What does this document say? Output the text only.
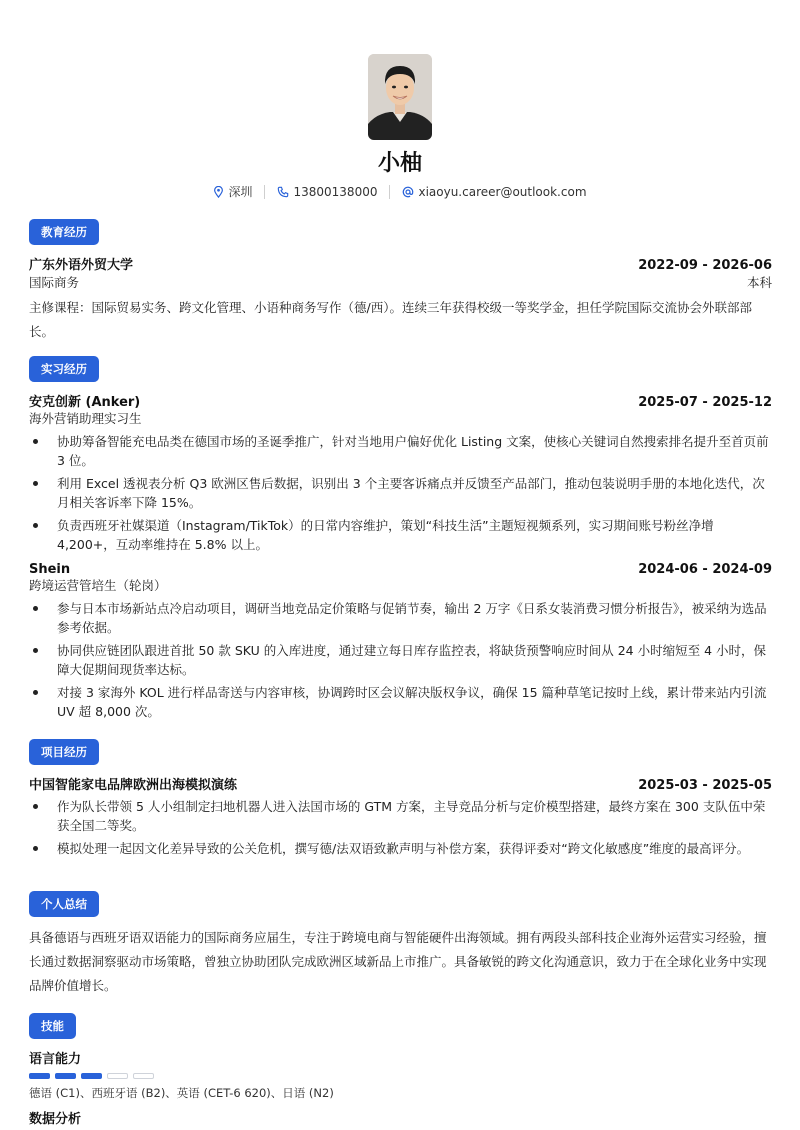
小柚
深圳	13800138000	xiaoyu.career@outlook.com
教育经历
广东外语外贸大学	2022-09 - 2026-06
国际商务	本科
主修课程：国际贸易实务、跨文化管理、小语种商务写作（德/西）。连续三年获得校级一等奖学金，担任学院国际交流协会外联部部长。
实习经历
安克创新 (Anker)	2025-07 - 2025-12
海外营销助理实习生
协助筹备智能充电品类在德国市场的圣诞季推广，针对当地用户偏好优化 Listing 文案，使核心关键词自然搜索排名提升至首页前 3 位。
利用 Excel 透视表分析 Q3 欧洲区售后数据，识别出 3 个主要客诉痛点并反馈至产品部门，推动包装说明手册的本地化迭代，次月相关客诉率下降 15%。
负责西班牙社媒渠道（Instagram/TikTok）的日常内容维护，策划“科技生活”主题短视频系列，实习期间账号粉丝净增 4,200+，互动率维持在 5.8% 以上。
Shein	2024-06 - 2024-09
跨境运营管培生（轮岗）
参与日本市场新站点冷启动项目，调研当地竞品定价策略与促销节奏，输出 2 万字《日系女装消费习惯分析报告》，被采纳为选品参考依据。
协同供应链团队跟进首批 50 款 SKU 的入库进度，通过建立每日库存监控表，将缺货预警响应时间从 24 小时缩短至 4 小时，保障大促期间现货率达标。
对接 3 家海外 KOL 进行样品寄送与内容审核，协调跨时区会议解决版权争议，确保 15 篇种草笔记按时上线，累计带来站内引流 UV 超 8,000 次。
项目经历
中国智能家电品牌欧洲出海模拟演练	2025-03 - 2025-05
作为队长带领 5 人小组制定扫地机器人进入法国市场的 GTM 方案，主导竞品分析与定价模型搭建，最终方案在 300 支队伍中荣获全国二等奖。
模拟处理一起因文化差异导致的公关危机，撰写德/法双语致歉声明与补偿方案，获得评委对“跨文化敏感度”维度的最高评分。
个人总结
具备德语与西班牙语双语能力的国际商务应届生，专注于跨境电商与智能硬件出海领域。拥有两段头部科技企业海外运营实习经验，擅长通过数据洞察驱动市场策略，曾独立协助团队完成欧洲区域新品上市推广。具备敏锐的跨文化沟通意识，致力于在全球化业务中实现品牌价值增长。
技能
语言能力
德语 (C1)、西班牙语 (B2)、英语 (CET-6 620)、日语 (N2)
数据分析
